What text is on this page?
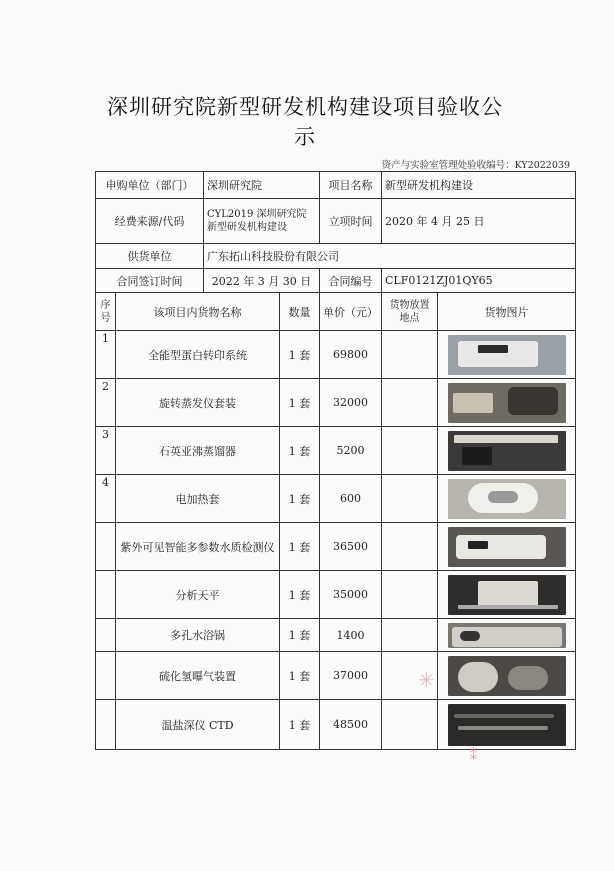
深圳研究院新型研发机构建设项目验收公
示
资产与实验室管理处验收编号：KY2022039
申购单位（部门）		深圳研究院		项目名称	新型研发机构建设	
经费来源/代码		CYL2019 深圳研究院新型研发机构建设		立项时间	2020 年 4 月 25 日	
供货单位		广东拓山科技股份有限公司				
合同签订时间		2022 年 3 月 30 日		合同编号	CLF0121ZJ01QY65	
序号	该项目内货物名称		数量	单价（元）	货物放置地点	货物图片
1	全能型蛋白转印系统		1 套	69800		

2	旋转蒸发仪套装		1 套	32000		

3	石英亚沸蒸馏器		1 套	5200		

4	电加热套		1 套	600		

	紫外可见智能多参数水质检测仪		1 套	36500		

	分析天平		1 套	35000		

	多孔水浴锅		1 套	1400		

	硫化氢曝气装置		1 套	37000		

	温盐深仪 CTD		1 套	48500		
✳
⁑
